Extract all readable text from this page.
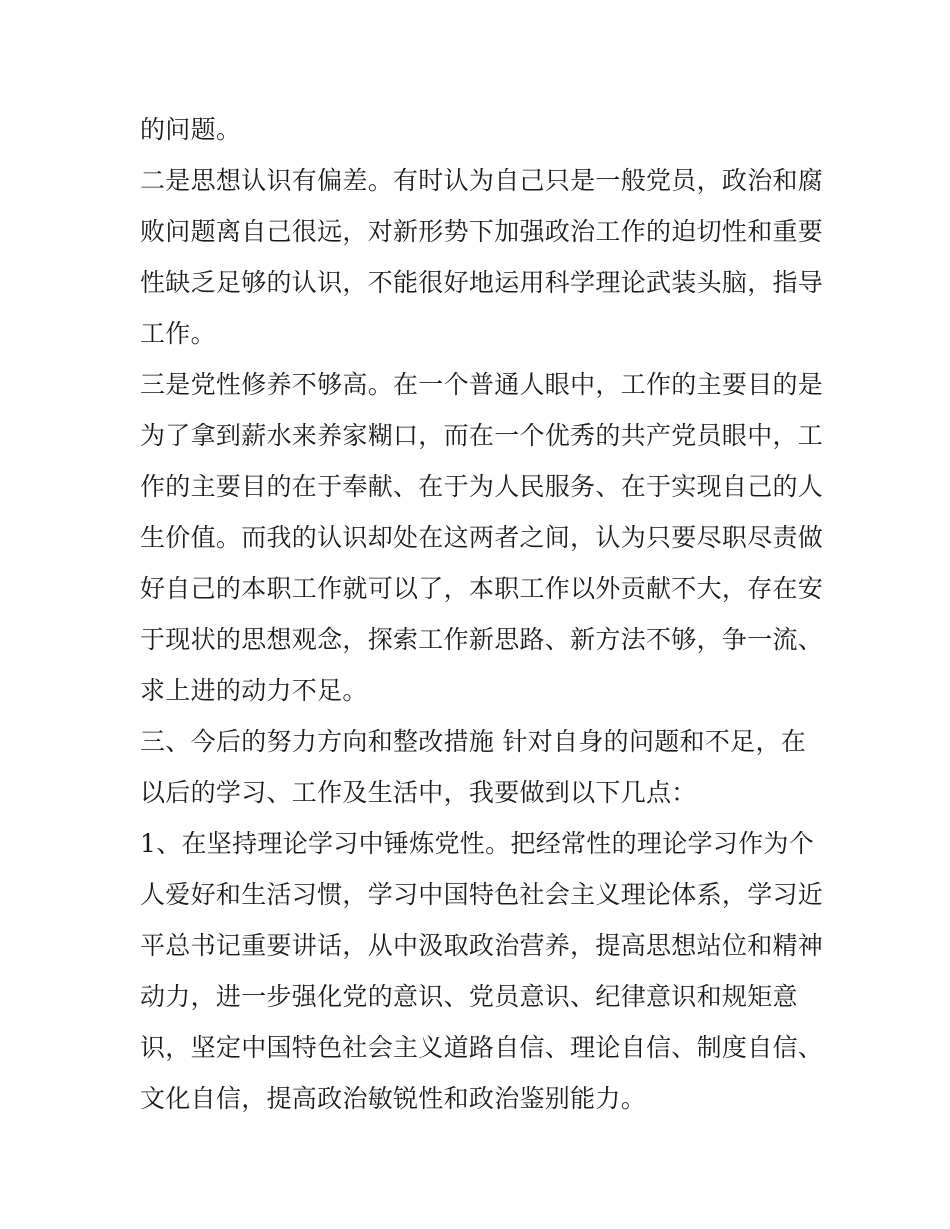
的问题。
二是思想认识有偏差。有时认为自己只是一般党员，政治和腐
败问题离自己很远，对新形势下加强政治工作的迫切性和重要
性缺乏足够的认识，不能很好地运用科学理论武装头脑，指导
工作。
三是党性修养不够高。在一个普通人眼中，工作的主要目的是
为了拿到薪水来养家糊口，而在一个优秀的共产党员眼中，工
作的主要目的在于奉献、在于为人民服务、在于实现自己的人
生价值。而我的认识却处在这两者之间，认为只要尽职尽责做
好自己的本职工作就可以了，本职工作以外贡献不大，存在安
于现状的思想观念，探索工作新思路、新方法不够，争一流、
求上进的动力不足。
三、今后的努力方向和整改措施 针对自身的问题和不足，在
以后的学习、工作及生活中，我要做到以下几点：
1、在坚持理论学习中锤炼党性。把经常性的理论学习作为个
人爱好和生活习惯，学习中国特色社会主义理论体系，学习近
平总书记重要讲话，从中汲取政治营养，提高思想站位和精神
动力，进一步强化党的意识、党员意识、纪律意识和规矩意
识，坚定中国特色社会主义道路自信、理论自信、制度自信、
文化自信，提高政治敏锐性和政治鉴别能力。
